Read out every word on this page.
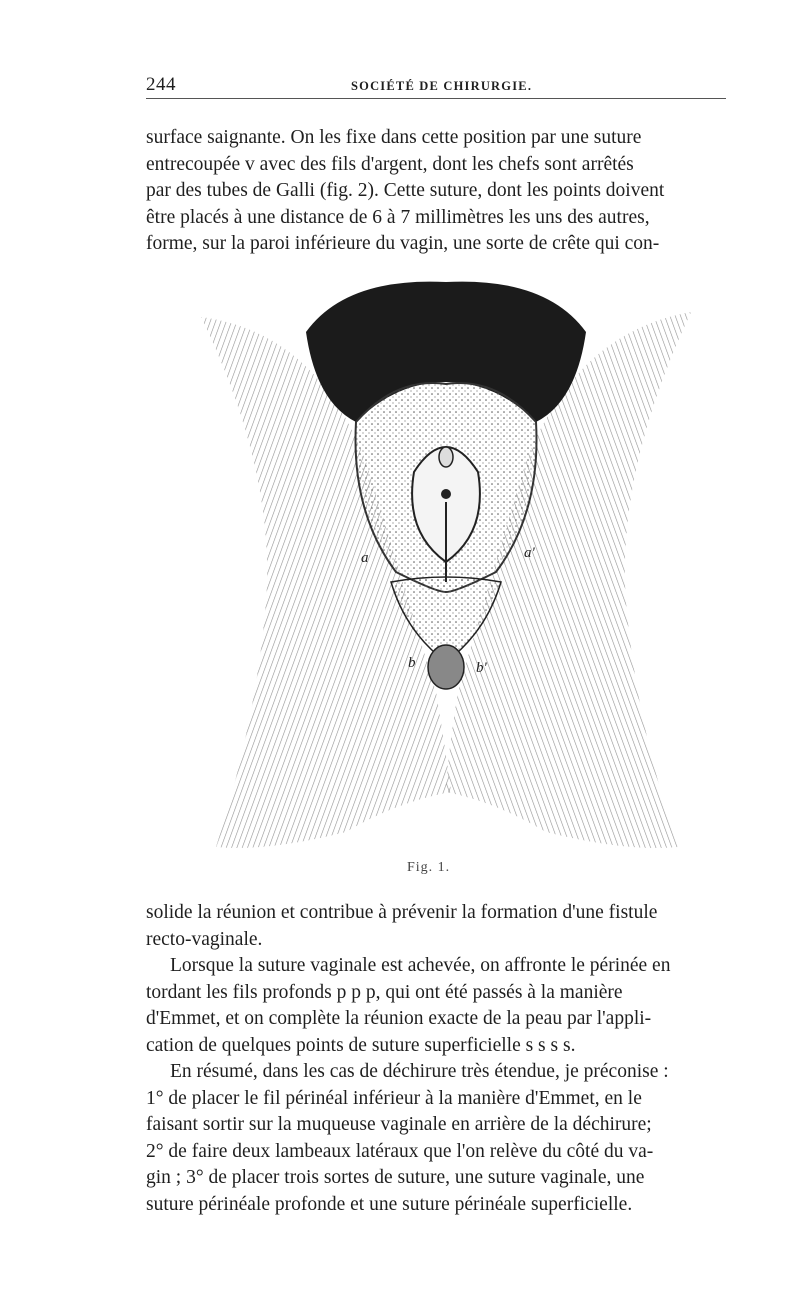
244	SOCIÉTÉ DE CHIRURGIE.
surface saignante. On les fixe dans cette position par une suture
entrecoupée v avec des fils d'argent, dont les chefs sont arrêtés
par des tubes de Galli (fig. 2). Cette suture, dont les points doivent
être placés à une distance de 6 à 7 millimètres les uns des autres,
forme, sur la paroi inférieure du vagin, une sorte de crête qui con-
a	a'
b	b'
Fig. 1.
solide la réunion et contribue à prévenir la formation d'une fistule
recto-vaginale.
Lorsque la suture vaginale est achevée, on affronte le périnée en
tordant les fils profonds p p p, qui ont été passés à la manière
d'Emmet, et on complète la réunion exacte de la peau par l'appli-
cation de quelques points de suture superficielle s s s s.
En résumé, dans les cas de déchirure très étendue, je préconise :
1° de placer le fil périnéal inférieur à la manière d'Emmet, en le
faisant sortir sur la muqueuse vaginale en arrière de la déchirure;
2° de faire deux lambeaux latéraux que l'on relève du côté du va-
gin ; 3° de placer trois sortes de suture, une suture vaginale, une
suture périnéale profonde et une suture périnéale superficielle.
